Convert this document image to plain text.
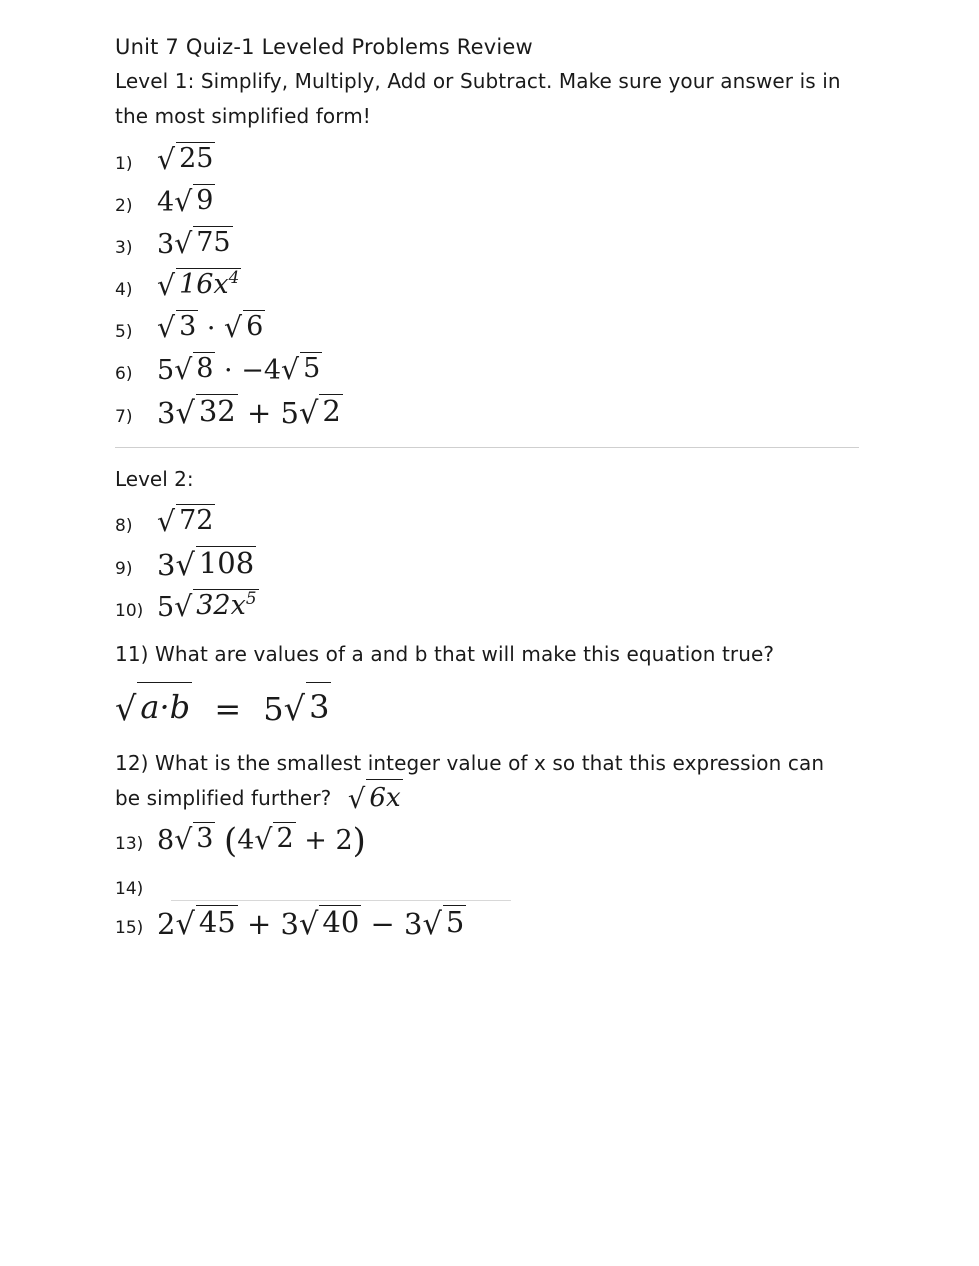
Unit 7 Quiz-1 Leveled Problems Review
Level 1: Simplify, Multiply, Add or Subtract. Make sure your answer is in the most simplified form!
1) √ 25
2) 4√ 9
3) 3√ 75
4) √ $16x^4$
5) √ 3 · √ 6
6) 5√ 8 · −4√ 5
7) 3√ 32 + 5√ 2
Level 2:
8) √ 72
9) 3√ 108
10) 5√ $32x^5$
11) What are values of a and b that will make this equation true?
√ a·b = 5√ 3
12) What is the smallest integer value of x so that this expression can
be simplified further? √ 6x
13) 8√ 3 (4√ 2 + 2)
14)
15) 2√ 45 + 3√ 40 − 3√ 5
